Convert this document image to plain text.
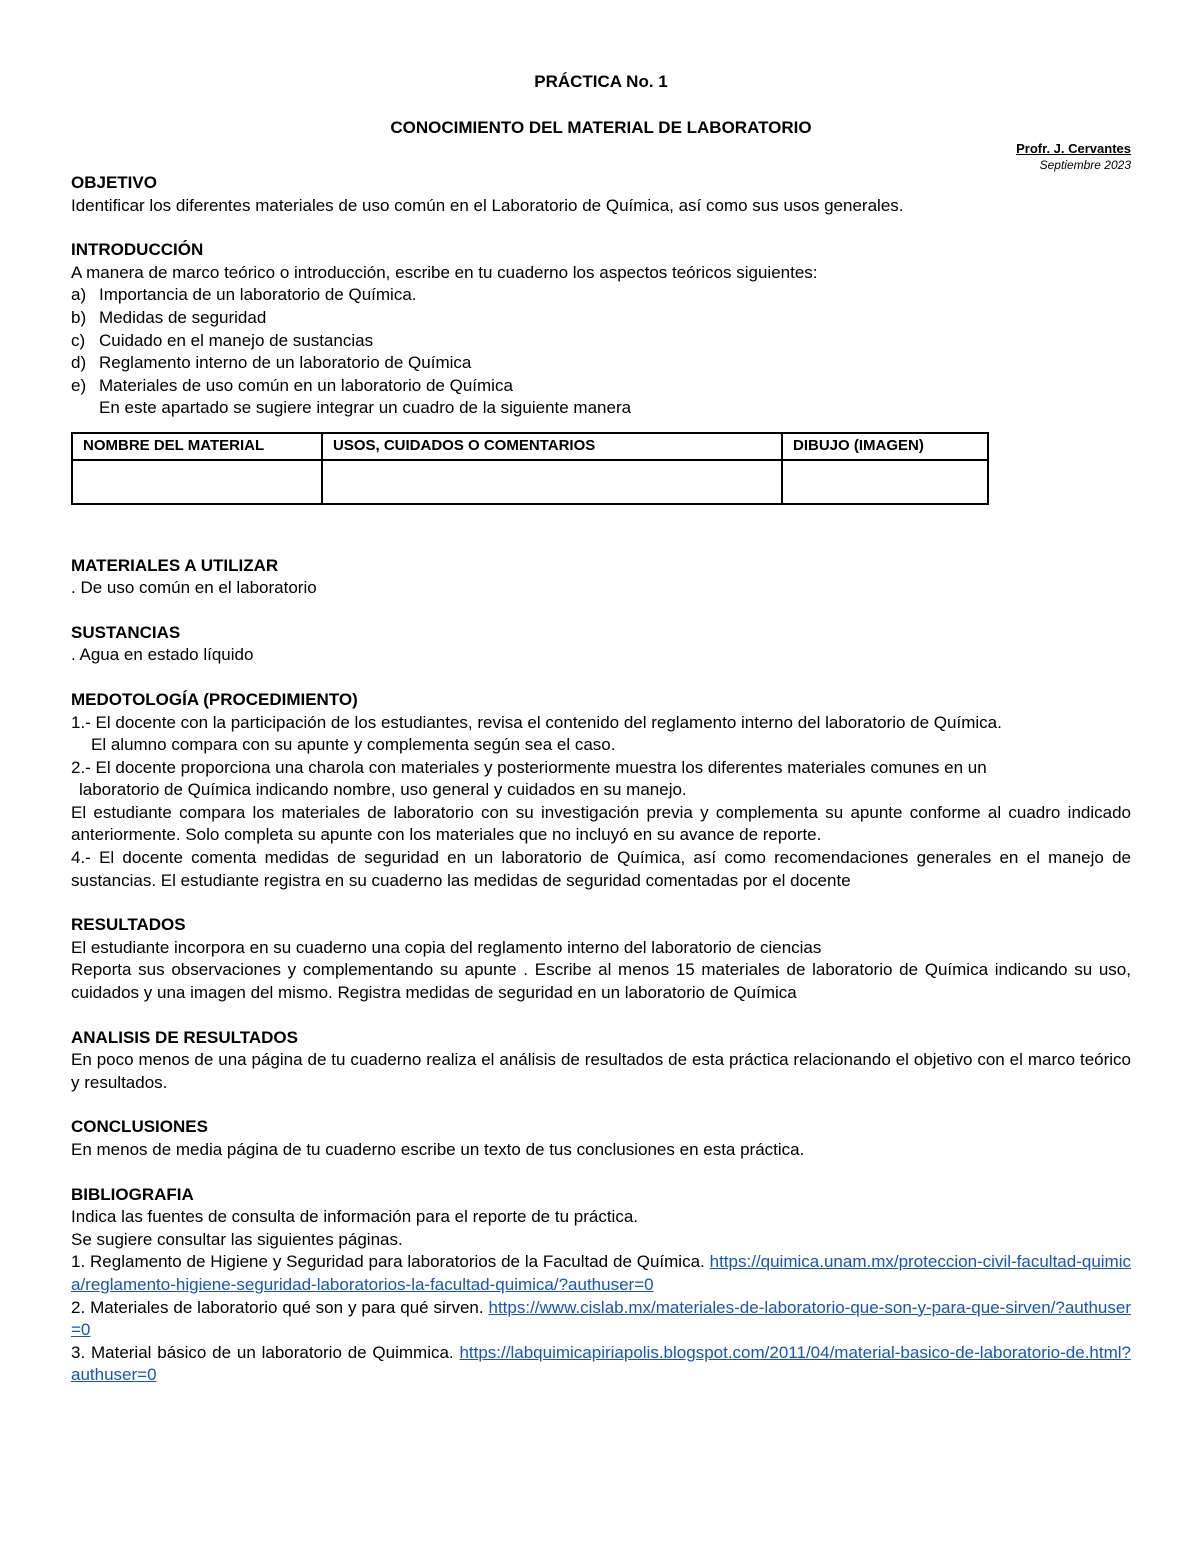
PRÁCTICA No. 1
CONOCIMIENTO DEL MATERIAL DE LABORATORIO
Profr. J. Cervantes
Septiembre 2023
OBJETIVO

Identificar los diferentes materiales de uso común en el Laboratorio de Química, así como sus usos generales.

INTRODUCCIÓN

A manera de marco teórico o introducción, escribe en tu cuaderno los aspectos teóricos siguientes:

a) Importancia de un laboratorio de Química.
b) Medidas de seguridad
c) Cuidado en el manejo de sustancias
d) Reglamento interno de un laboratorio de Química
e) Materiales de uso común en un laboratorio de Química

En este apartado se sugiere integrar un cuadro de la siguiente manera

NOMBRE DEL MATERIAL	USOS, CUIDADOS O COMENTARIOS	DIBUJO (IMAGEN)

MATERIALES A UTILIZAR

. De uso común en el laboratorio

SUSTANCIAS

. Agua en estado líquido

MEDOTOLOGÍA (PROCEDIMIENTO)

1.- El docente con la participación de los estudiantes, revisa el contenido del reglamento interno del laboratorio de Química.

El alumno compara con su apunte y complementa según sea el caso.

2.- El docente proporciona una charola con materiales y posteriormente muestra los diferentes materiales comunes en un

laboratorio de Química indicando nombre, uso general y cuidados en su manejo.

El estudiante compara los materiales de laboratorio con su investigación previa y complementa su apunte conforme al cuadro indicado anteriormente. Solo completa su apunte con los materiales que no incluyó en su avance de reporte.

4.- El docente comenta medidas de seguridad en un laboratorio de Química, así como recomendaciones generales en el manejo de sustancias. El estudiante registra en su cuaderno las medidas de seguridad comentadas por el docente

RESULTADOS

El estudiante incorpora en su cuaderno una copia del reglamento interno del laboratorio de ciencias

Reporta sus observaciones y complementando su apunte . Escribe al menos 15 materiales de laboratorio de Química indicando su uso, cuidados y una imagen del mismo. Registra medidas de seguridad en un laboratorio de Química

ANALISIS DE RESULTADOS

En poco menos de una página de tu cuaderno realiza el análisis de resultados de esta práctica relacionando el objetivo con el marco teórico y resultados.

CONCLUSIONES

En menos de media página de tu cuaderno escribe un texto de tus conclusiones en esta práctica.

BIBLIOGRAFIA

Indica las fuentes de consulta de información para el reporte de tu práctica.

Se sugiere consultar las siguientes páginas.

1. Reglamento de Higiene y Seguridad para laboratorios de la Facultad de Química. https://quimica.unam.mx/proteccion-civil-facultad-quimica/reglamento-higiene-seguridad-laboratorios-la-facultad-quimica/?authuser=0

2. Materiales de laboratorio qué son y para qué sirven. https://www.cislab.mx/materiales-de-laboratorio-que-son-y-para-que-sirven/?authuser=0

3. Material básico de un laboratorio de Quimmica. https://labquimicapiriapolis.blogspot.com/2011/04/material-basico-de-laboratorio-de.html?authuser=0
